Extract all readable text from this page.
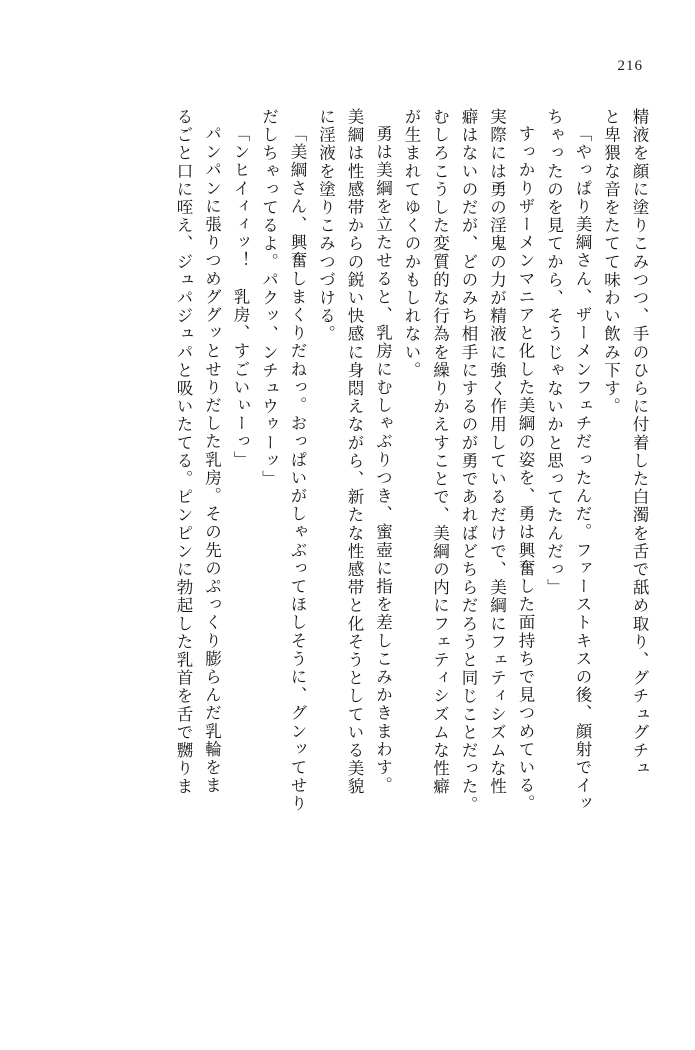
216
精液を顔に塗りこみつつ、手のひらに付着した白濁を舌で舐め取り、グチュグチュ
と卑猥な音をたてて味わい飲み下す。
「やっぱり美綱さん、ザーメンフェチだったんだ。ファーストキスの後、顔射でイッ
ちゃったのを見てから、そうじゃないかと思ってたんだっ」
すっかりザーメンマニアと化した美綱の姿を、勇は興奮した面持ちで見つめている。
実際には勇の淫鬼の力が精液に強く作用しているだけで、美綱にフェティシズムな性
癖はないのだが、どのみち相手にするのが勇であればどちらだろうと同じことだった。
むしろこうした変質的な行為を繰りかえすことで、美綱の内にフェティシズムな性癖
が生まれてゆくのかもしれない。
勇は美綱を立たせると、乳房にむしゃぶりつき、蜜壺に指を差しこみかきまわす。
美綱は性感帯からの鋭い快感に身悶えながら、新たな性感帯と化そうとしている美貌
に淫液を塗りこみつづける。
「美綱さん、興奮しまくりだねっ。おっぱいがしゃぶってほしそうに、グンッてせり
だしちゃってるよ。パクッ、ンチュウゥーッ」
「ンヒイィィッ！　乳房、すごいぃーっ」
パンパンに張りつめググッとせりだした乳房。その先のぷっくり膨らんだ乳輪をま
るごと口に咥え、ジュパジュパと吸いたてる。ピンピンに勃起した乳首を舌で嬲りま
